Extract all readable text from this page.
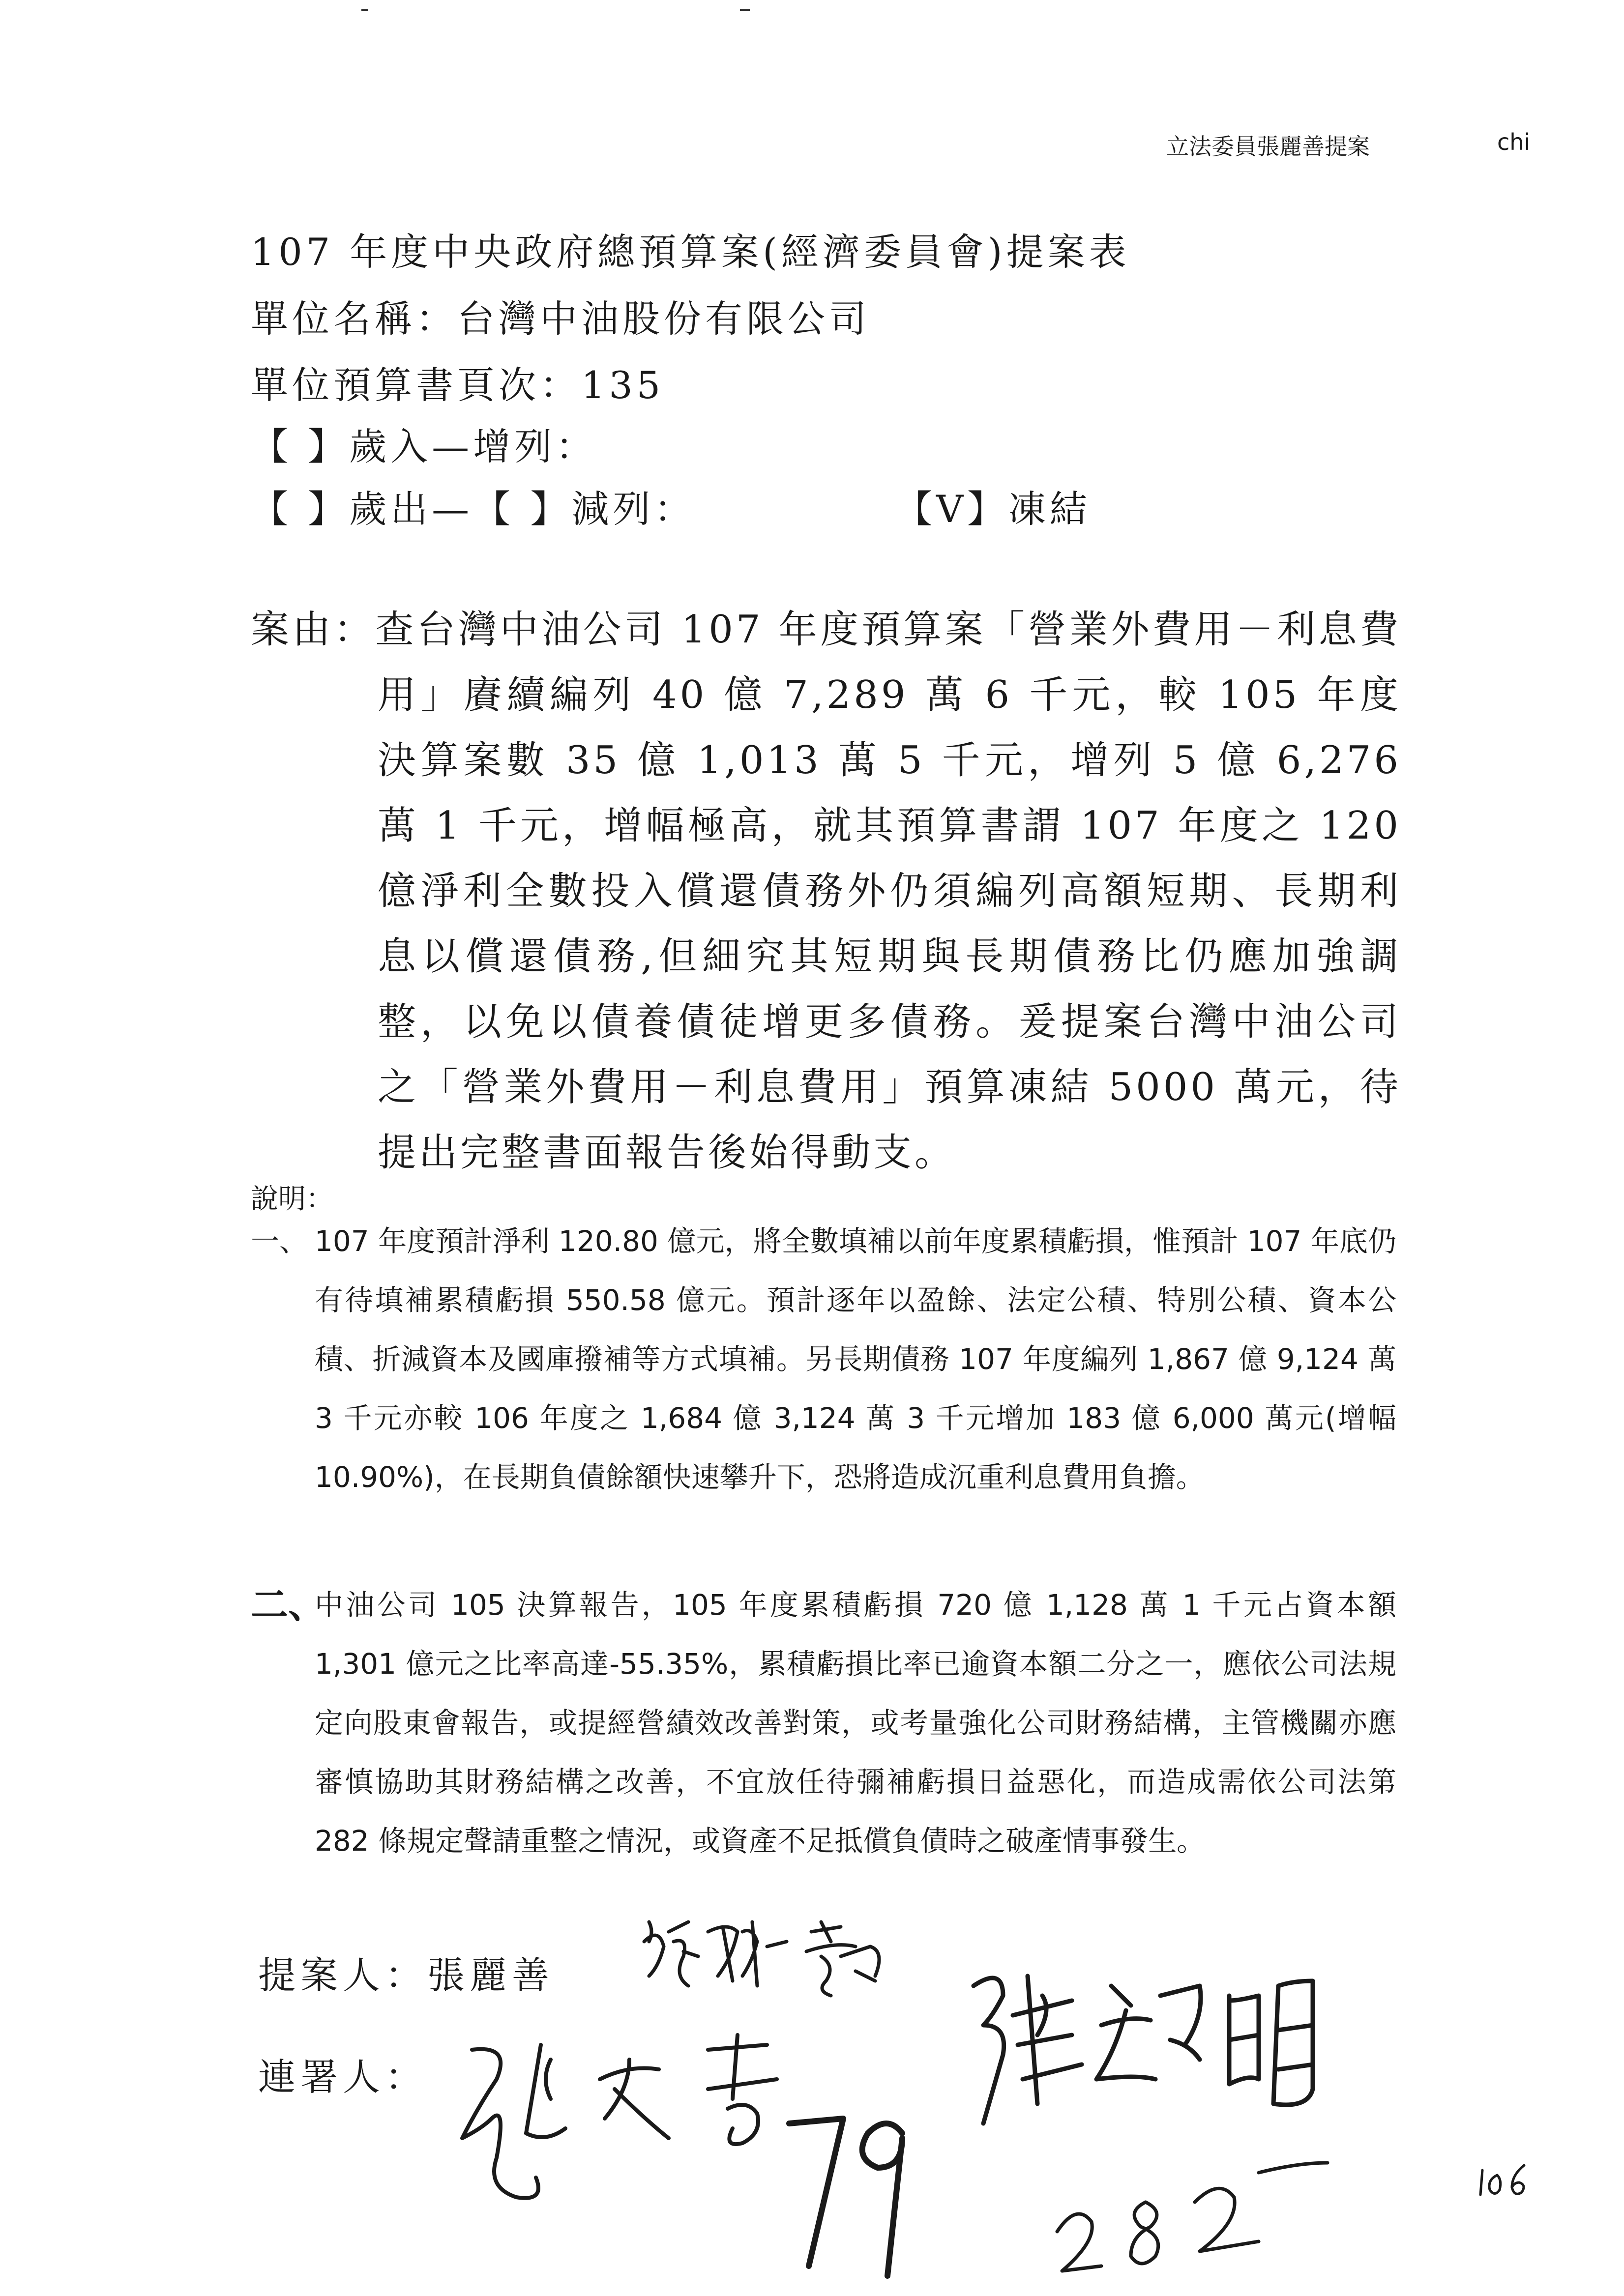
立法委員張麗善提案	chi
107 年度中央政府總預算案(經濟委員會)提案表
單位名稱：台灣中油股份有限公司
單位預算書頁次：135
【 】歲入—增列：
【 】歲出—【 】減列：	【V】凍結
案由：查台灣中油公司 107 年度預算案「營業外費用－利息費用」賡續編列 40 億 7,289 萬 6 千元，較 105 年度決算案數 35 億 1,013 萬 5 千元，增列 5 億 6,276 萬 1 千元，增幅極高，就其預算書謂 107 年度之 120 億淨利全數投入償還債務外仍須編列高額短期、長期利息以償還債務,但細究其短期與長期債務比仍應加強調整，以免以債養債徒增更多債務。爰提案台灣中油公司之「營業外費用－利息費用」預算凍結 5000 萬元，待提出完整書面報告後始得動支。
說明：
一、 107 年度預計淨利 120.80 億元，將全數填補以前年度累積虧損，惟預計 107 年底仍有待填補累積虧損 550.58 億元。預計逐年以盈餘、法定公積、特別公積、資本公積、折減資本及國庫撥補等方式填補。另長期債務 107 年度編列 1,867 億 9,124 萬 3 千元亦較 106 年度之 1,684 億 3,124 萬 3 千元增加 183 億 6,000 萬元(增幅 10.90%)，在長期負債餘額快速攀升下，恐將造成沉重利息費用負擔。
二、
中油公司 105 決算報告，105 年度累積虧損 720 億 1,128 萬 1 千元占資本額 1,301 億元之比率高達-55.35%，累積虧損比率已逾資本額二分之一，應依公司法規定向股東會報告，或提經營績效改善對策，或考量強化公司財務結構，主管機關亦應審慎協助其財務結構之改善，不宜放任待彌補虧損日益惡化，而造成需依公司法第 282 條規定聲請重整之情況，或資產不足抵償負債時之破產情事發生。
提案人：張麗善
連署人：
